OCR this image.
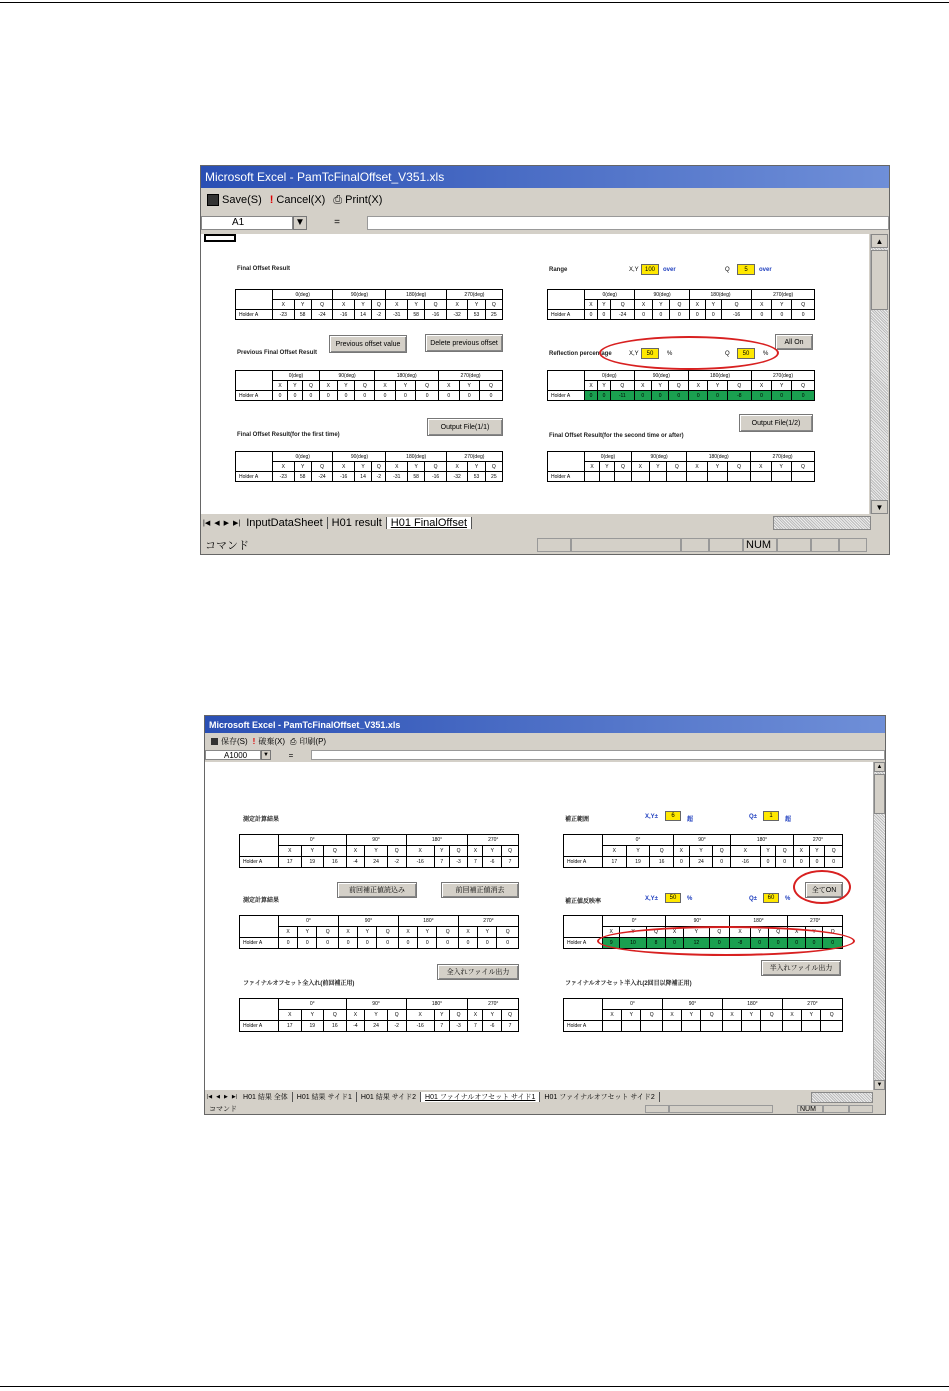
Microsoft Excel - PamTcFinalOffset_V351.xls
Save(S) ! Cancel(X) ⎙ Print(X)
A1	▼	=
Final Offset Result
	0(deg)			90(deg)			180(deg)			270(deg)		
	X	Y	Q	X	Y	Q	X	Y	Q	X	Y	Q
Holder A	-23	58	-24	-16	14	-2	-31	58	-16	-32	53	25
Previous offset value	Delete previous offset
Previous Final Offset Result
	0(deg)			90(deg)			180(deg)			270(deg)		
	X	Y	Q	X	Y	Q	X	Y	Q	X	Y	Q
Holder A	0	0	0	0	0	0	0	0	0	0	0	0
Output File(1/1)
Final Offset Result(for the first time)
	0(deg)			90(deg)			180(deg)			270(deg)		
	X	Y	Q	X	Y	Q	X	Y	Q	X	Y	Q
Holder A	-23	58	-24	-16	14	-2	-31	58	-16	-32	53	25
Range	X,Y	100	over	Q	5	over
	0(deg)			90(deg)			180(deg)			270(deg)		
	X	Y	Q	X	Y	Q	X	Y	Q	X	Y	Q
Holder A	0	0	-24	0	0	0	0	0	-16	0	0	0
All On
Reflection percentage	X,Y	50	%	Q	50	%
	0(deg)			90(deg)			180(deg)			270(deg)		
	X	Y	Q	X	Y	Q	X	Y	Q	X	Y	Q
Holder A	0	0	-11	0	0	0	0	0	-8	0	0	0
Output File(1/2)
Final Offset Result(for the second time or after)
	0(deg)			90(deg)			180(deg)			270(deg)		
	X	Y	Q	X	Y	Q	X	Y	Q	X	Y	Q
Holder A												
▲
▼
|◀ ◀ ▶ ▶| InputDataSheet H01 result H01 FinalOffset
コマンド	NUM
Microsoft Excel - PamTcFinalOffset_V351.xls
保存(S) ! 破棄(X) ⎙ 印刷(P)
A1000	▼ =
測定計算結果
	0°			90°			180°			270°		
	X	Y	Q	X	Y	Q	X	Y	Q	X	Y	Q
Holder A	17	19	16	-4	24	-2	-16	7	-3	7	-6	7
前回補正値読込み	前回補正値消去
測定計算結果
	0°			90°			180°			270°		
	X	Y	Q	X	Y	Q	X	Y	Q	X	Y	Q
Holder A	0	0	0	0	0	0	0	0	0	0	0	0
全入れファイル出力
ファイナルオフセット全入れ(前回補正用)
	0°			90°			180°			270°		
	X	Y	Q	X	Y	Q	X	Y	Q	X	Y	Q
Holder A	17	19	16	-4	24	-2	-16	7	-3	7	-6	7
補正範囲	X,Y±	6
超	Q±	1
超
	0°			90°			180°			270°		
	X	Y	Q	X	Y	Q	X	Y	Q	X	Y	Q
Holder A	17	19	16	0	24	0	-16	0	0	0	0	0
全てON
補正値反映率	X,Y±	50	%	Q±	60	%
	0°			90°			180°			270°		
	X	Y	Q	X	Y	Q	X	Y	Q	X	Y	Q
Holder A	9	10	8	0	12	0	-8	0	0	0	0	0
半入れファイル出力
ファイナルオフセット半入れ(2回目以降補正用)
	0°			90°			180°			270°		
	X	Y	Q	X	Y	Q	X	Y	Q	X	Y	Q
Holder A												
▲
▼
|◀ ◀ ▶ ▶| H01 結果 全体	H01 結果 サイド1	H01 結果 サイド2	H01 ファイナルオフセット サイド1	H01 ファイナルオフセット サイド2
コマンド	NUM
